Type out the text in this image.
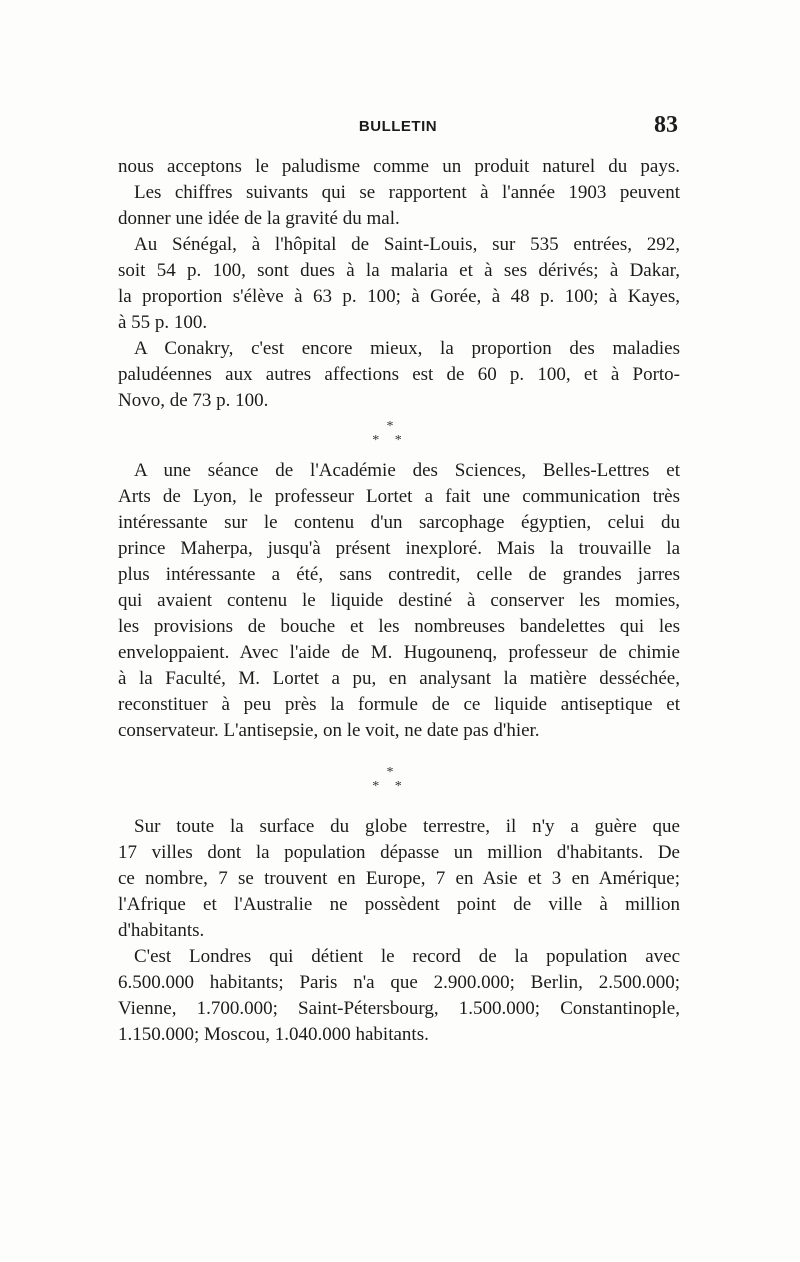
BULLETIN	83
nous acceptons le paludisme comme un produit naturel du pays.
Les chiffres suivants qui se rapportent à l'année 1903 peuvent
donner une idée de la gravité du mal.
Au Sénégal, à l'hôpital de Saint-Louis, sur 535 entrées, 292,
soit 54 p. 100, sont dues à la malaria et à ses dérivés; à Dakar,
la proportion s'élève à 63 p. 100; à Gorée, à 48 p. 100; à Kayes,
à 55 p. 100.
A Conakry, c'est encore mieux, la proportion des maladies
paludéennes aux autres affections est de 60 p. 100, et à Porto-
Novo, de 73 p. 100.
*
* *
A une séance de l'Académie des Sciences, Belles-Lettres et
Arts de Lyon, le professeur Lortet a fait une communication très
intéressante sur le contenu d'un sarcophage égyptien, celui du
prince Maherpa, jusqu'à présent inexploré. Mais la trouvaille la
plus intéressante a été, sans contredit, celle de grandes jarres
qui avaient contenu le liquide destiné à conserver les momies,
les provisions de bouche et les nombreuses bandelettes qui les
enveloppaient. Avec l'aide de M. Hugounenq, professeur de chimie
à la Faculté, M. Lortet a pu, en analysant la matière desséchée,
reconstituer à peu près la formule de ce liquide antiseptique et
conservateur. L'antisepsie, on le voit, ne date pas d'hier.
*
* *
Sur toute la surface du globe terrestre, il n'y a guère que
17 villes dont la population dépasse un million d'habitants. De
ce nombre, 7 se trouvent en Europe, 7 en Asie et 3 en Amérique;
l'Afrique et l'Australie ne possèdent point de ville à million
d'habitants.
C'est Londres qui détient le record de la population avec
6.500.000 habitants; Paris n'a que 2.900.000; Berlin, 2.500.000;
Vienne, 1.700.000; Saint-Pétersbourg, 1.500.000; Constantinople,
1.150.000; Moscou, 1.040.000 habitants.
